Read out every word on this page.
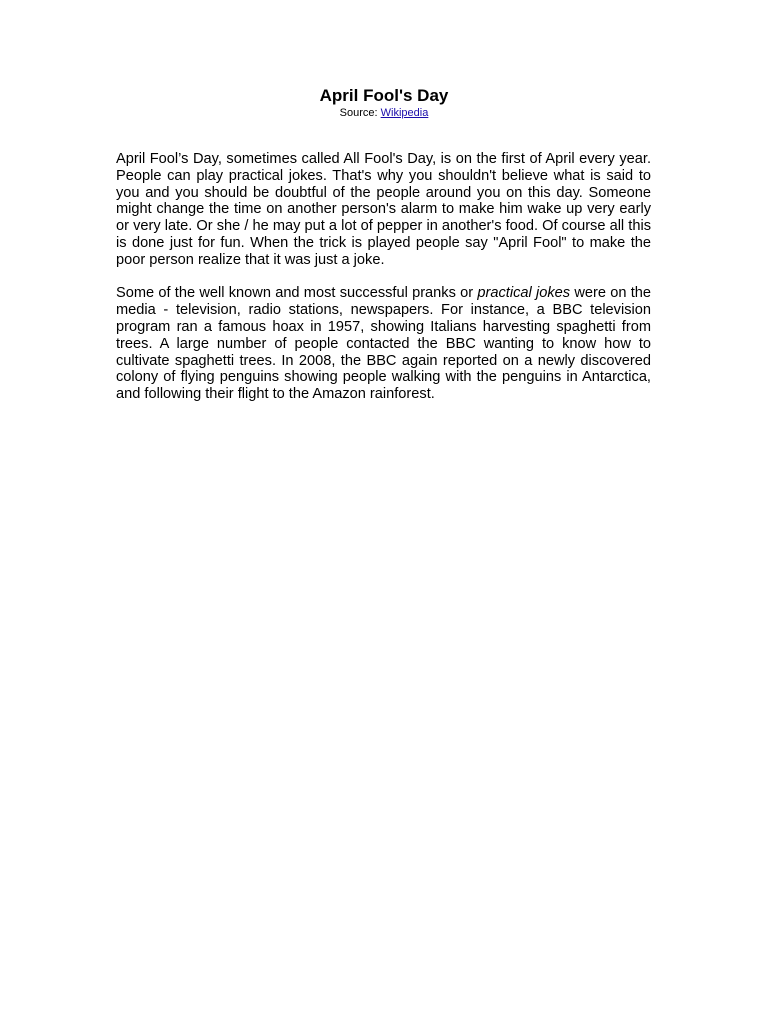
April Fool's Day
Source: Wikipedia

April Fool’s Day, sometimes called All Fool's Day, is on the first of April every year. People can play practical jokes. That's why you shouldn't believe what is said to you and you should be doubtful of the people around you on this day. Someone might change the time on another person's alarm to make him wake up very early or very late. Or she / he may put a lot of pepper in another's food. Of course all this is done just for fun. When the trick is played people say "April Fool" to make the poor person realize that it was just a joke.

Some of the well known and most successful pranks or practical jokes were on the media - television, radio stations, newspapers. For instance, a BBC television program ran a famous hoax in 1957, showing Italians harvesting spaghetti from trees. A large number of people contacted the BBC wanting to know how to cultivate spaghetti trees. In 2008, the BBC again reported on a newly discovered colony of flying penguins showing people walking with the penguins in Antarctica, and following their flight to the Amazon rainforest.
